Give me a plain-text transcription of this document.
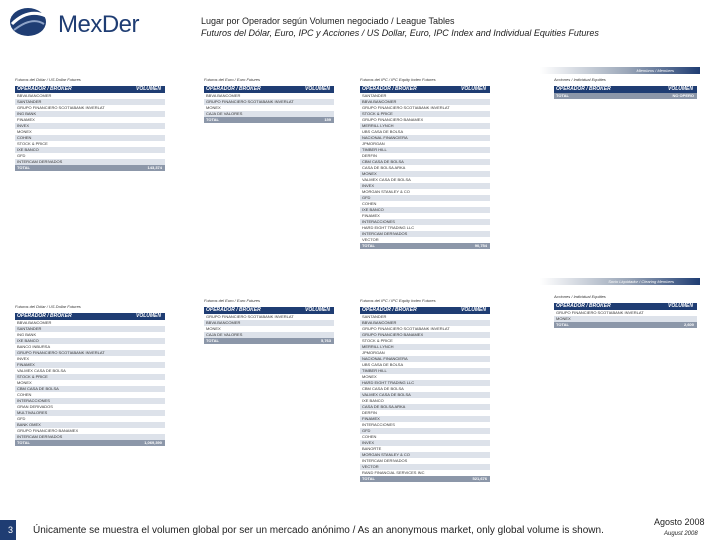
MexDer	Lugar por Operador según Volumen negociado / League Tables
Futuros del Dólar, Euro, IPC y Acciones / US Dollar, Euro, IPC Index and Individual Equities Futures
Miembros / Members
Socio Liquidador / Clearing Members
Futuros del Dólar / US Dollar Futures
OPERADOR / BROKER	VOLUMEN
BBVA BANCOMER
SANTANDER
GRUPO FINANCIERO SCOTIABANK INVERLAT
ING BANK
FINAMEX
INVEX
MONEX
COHEN
STOCK & PRICE
IXE BANCO
GFD
INTERCAM DERIVADOS
TOTAL	143,374
Futuros del Euro / Euro Futures
OPERADOR / BROKER	VOLUMEN
BBVA BANCOMER
GRUPO FINANCIERO SCOTIABANK INVERLAT
MONEX
CAJA DE VALORES
TOTAL	159
Futuros del IPC / IPC Equity Index Futures
OPERADOR / BROKER	VOLUMEN
SANTANDER
BBVA BANCOMER
GRUPO FINANCIERO SCOTIABANK INVERLAT
STOCK & PRICE
GRUPO FINANCIERO BANAMEX
MERRILL LYNCH
UBS CASA DE BOLSA
NACIONAL FINANCIERA
JPMORGAN
TIMBER HILL
DERFIN
CBM CASA DE BOLSA
CASA DE BOLSA ARKA
MONEX
VALMEX CASA DE BOLSA
INVEX
MORGAN STANLEY & CO
GFD
COHEN
IXE BANCO
FINAMEX
INTERACCIONES
HARD EIGHT TRADING LLC
INTERCAM DERIVADOS
VECTOR
TOTAL	90,754
Acciones / Individual Equities
OPERADOR / BROKER	VOLUMEN
TOTAL	NO OPERO
Futuros del Dólar / US Dollar Futures
OPERADOR / BROKER	VOLUMEN
BBVA BANCOMER
SANTANDER
ING BANK
IXE BANCO
BANCO INBURSA
GRUPO FINANCIERO SCOTIABANK INVERLAT
INVEX
FINAMEX
VALMEX CASA DE BOLSA
STOCK & PRICE
MONEX
CBM CASA DE BOLSA
COHEN
INTERACCIONES
GRAN DERIVADOS
MULTIVALORES
GFD
BANK OMEX
GRUPO FINANCIERO BANAMEX
INTERCAM DERIVADOS
TOTAL	1,069,390
Futuros del Euro / Euro Futures
OPERADOR / BROKER	VOLUMEN
GRUPO FINANCIERO SCOTIABANK INVERLAT
BBVA BANCOMER
MONEX
CAJA DE VALORES
TOTAL	5,763
Futuros del IPC / IPC Equity Index Futures
OPERADOR / BROKER	VOLUMEN
SANTANDER
BBVA BANCOMER
GRUPO FINANCIERO SCOTIABANK INVERLAT
GRUPO FINANCIERO BANAMEX
STOCK & PRICE
MERRILL LYNCH
JPMORGAN
NACIONAL FINANCIERA
UBS CASA DE BOLSA
TIMBER HILL
MONEX
HARD EIGHT TRADING LLC
CBM CASA DE BOLSA
VALMEX CASA DE BOLSA
IXE BANCO
CASA DE BOLSA ARKA
DERFIN
FINAMEX
INTERACCIONES
GFD
COHEN
INVEX
BANORTE
MORGAN STANLEY & CO
INTERCAM DERIVADOS
VECTOR
RAND FINANCIAL SERVICES INC
TOTAL	521,676
Acciones / Individual Equities
OPERADOR / BROKER	VOLUMEN
GRUPO FINANCIERO SCOTIABANK INVERLAT
MONEX
TOTAL	2,600
3	Únicamente se muestra el volumen global por ser un mercado anónimo / As an anonymous market, only global volume is shown.
Agosto 2008
August 2008
